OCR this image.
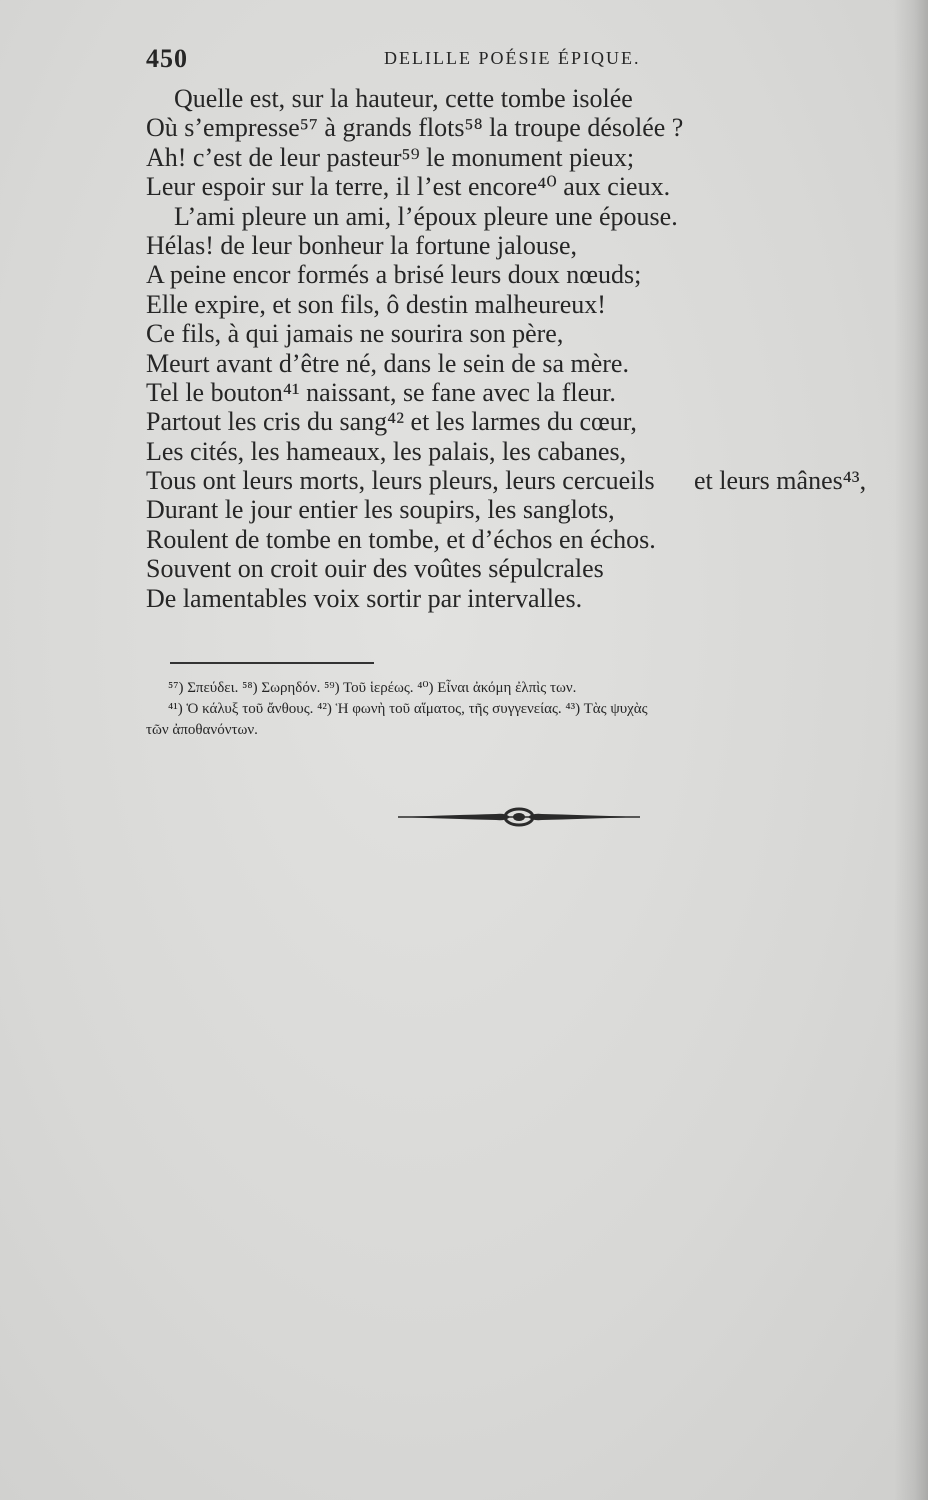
450	DELILLE POÉSIE ÉPIQUE.
Quelle est, sur la hauteur, cette tombe isolée
Où s’empresse⁵⁷ à grands flots⁵⁸ la troupe désolée ?
Ah! c’est de leur pasteur⁵⁹ le monument pieux;
Leur espoir sur la terre, il l’est encore⁴⁰ aux cieux.
L’ami pleure un ami, l’époux pleure une épouse.
Hélas! de leur bonheur la fortune jalouse,
A peine encor formés a brisé leurs doux nœuds;
Elle expire, et son fils, ô destin malheureux!
Ce fils, à qui jamais ne sourira son père,
Meurt avant d’être né, dans le sein de sa mère.
Tel le bouton⁴¹ naissant, se fane avec la fleur.
Partout les cris du sang⁴² et les larmes du cœur,
Les cités, les hameaux, les palais, les cabanes,
Tous ont leurs morts, leurs pleurs, leurs cercueils et leurs mânes⁴³,
Durant le jour entier les soupirs, les sanglots,
Roulent de tombe en tombe, et d’échos en échos.
Souvent on croit ouir des voûtes sépulcrales
De lamentables voix sortir par intervalles.
⁵⁷) Σπεύδει. ⁵⁸) Σωρηδόν. ⁵⁹) Τοῦ ἱερέως. ⁴⁰) Εἶναι ἀκόμη ἐλπὶς των.
⁴¹) Ὁ κάλυξ τοῦ ἄνθους. ⁴²) Ἡ φωνὴ τοῦ αἵματος, τῆς συγγενείας. ⁴³) Τὰς ψυχὰς
τῶν ἀποθανόντων.
